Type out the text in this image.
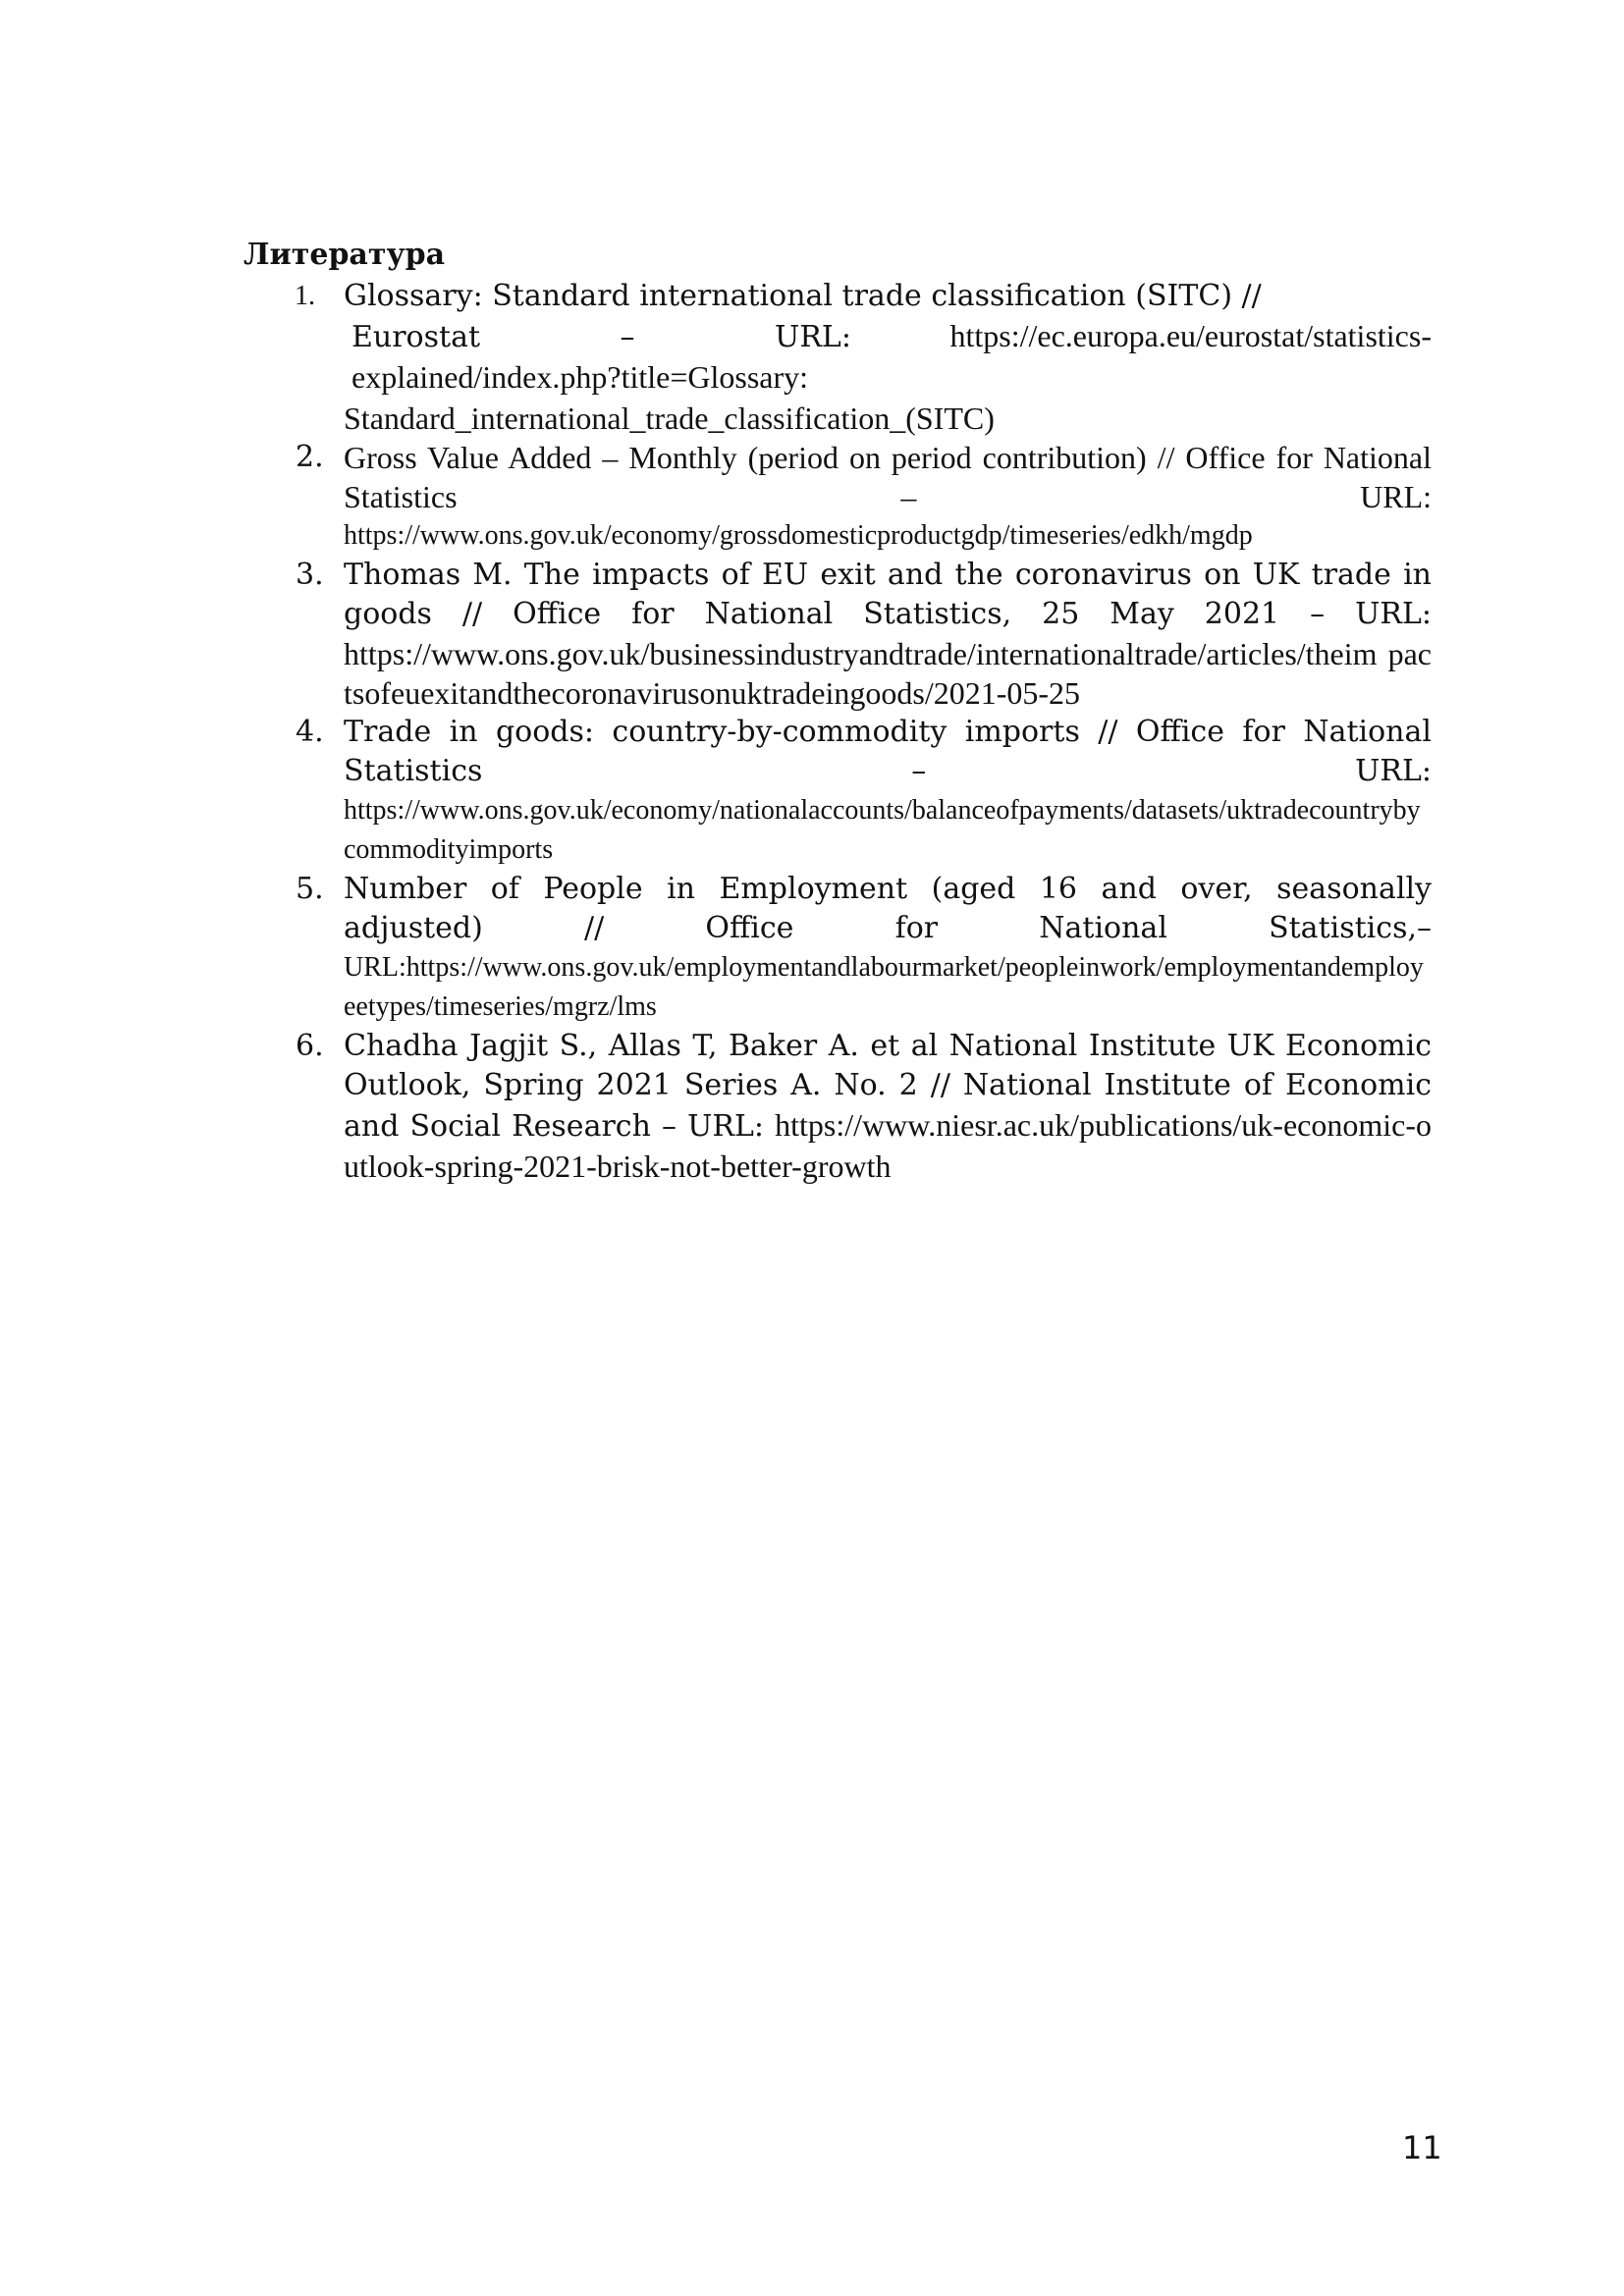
Литература
1. Glossary: Standard international trade classification (SITC) //
Eurostat – URL:	https://ec.europa.eu/eurostat/statistics-explained/index.php?title=Glossary:
Standard_international_trade_classification_(SITC)
2. Gross Value Added – Monthly (period on period contribution) // Office for National Statistics – URL:
https://www.ons.gov.uk/economy/grossdomesticproductgdp/timeseries/edkh/mgdp
3. Thomas M. The impacts of EU exit and the coronavirus on UK trade in goods // Office for National Statistics, 25 May 2021 – URL:
https://www.ons.gov.uk/businessindustryandtrade/internationaltrade/articles/theim pactsofeuexitandthecoronavirusonuktradeingoods/2021-05-25
4. Trade in goods: country-by-commodity imports // Office for National Statistics – URL:
https://www.ons.gov.uk/economy/nationalaccounts/balanceofpayments/datasets/uktradecountrybycommodityimports
5. Number of People in Employment (aged 16 and over, seasonally adjusted) // Office for National Statistics,–
URL:https://www.ons.gov.uk/employmentandlabourmarket/peopleinwork/employmentandemployeetypes/timeseries/mgrz/lms
6. Chadha Jagjit S., Allas T, Baker A. et al National Institute UK Economic Outlook, Spring 2021 Series A. No. 2 // National Institute of Economic and Social Research – URL: https://www.niesr.ac.uk/publications/uk-economic-outlook-spring-2021-brisk-not-better-growth
11
